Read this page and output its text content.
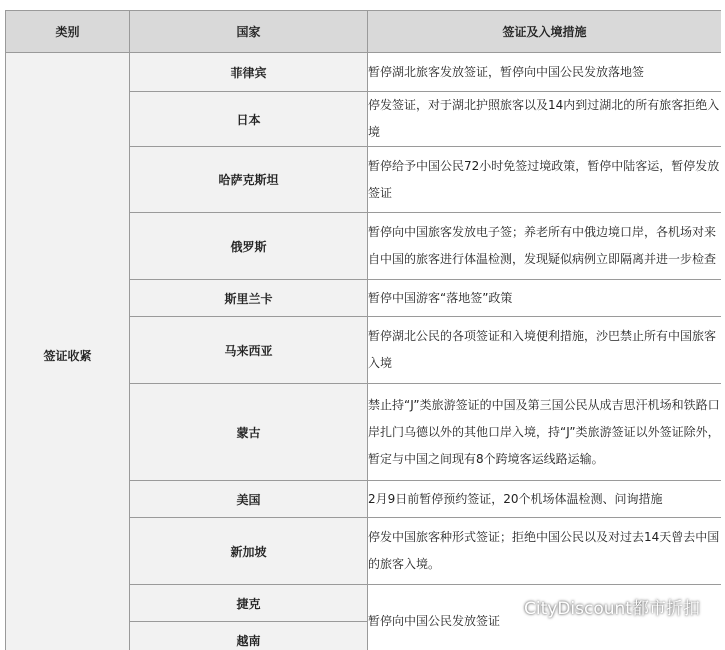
类别	国家	签证及入境措施
签证收紧	菲律宾	暂停湖北旅客发放签证，暂停向中国公民发放落地签
	日本	停发签证，对于湖北护照旅客以及14内到过湖北的所有旅客拒绝入境
	哈萨克斯坦	暂停给予中国公民72小时免签过境政策，暂停中陆客运，暂停发放签证
	俄罗斯	暂停向中国旅客发放电子签；养老所有中俄边境口岸，各机场对来自中国的旅客进行体温检测，发现疑似病例立即隔离并进一步检查
	斯里兰卡	暂停中国游客“落地签”政策
	马来西亚	暂停湖北公民的各项签证和入境便利措施，沙巴禁止所有中国旅客入境
	蒙古	禁止持“J”类旅游签证的中国及第三国公民从成吉思汗机场和铁路口岸扎门乌德以外的其他口岸入境，持“J”类旅游签证以外签证除外，暂定与中国之间现有8个跨境客运线路运输。
	美国	2月9日前暂停预约签证，20个机场体温检测、问询措施
	新加坡	停发中国旅客种形式签证；拒绝中国公民以及对过去14天曾去中国的旅客入境。
	捷克	暂停向中国公民发放签证
	越南	
CityDiscount都市折扣
